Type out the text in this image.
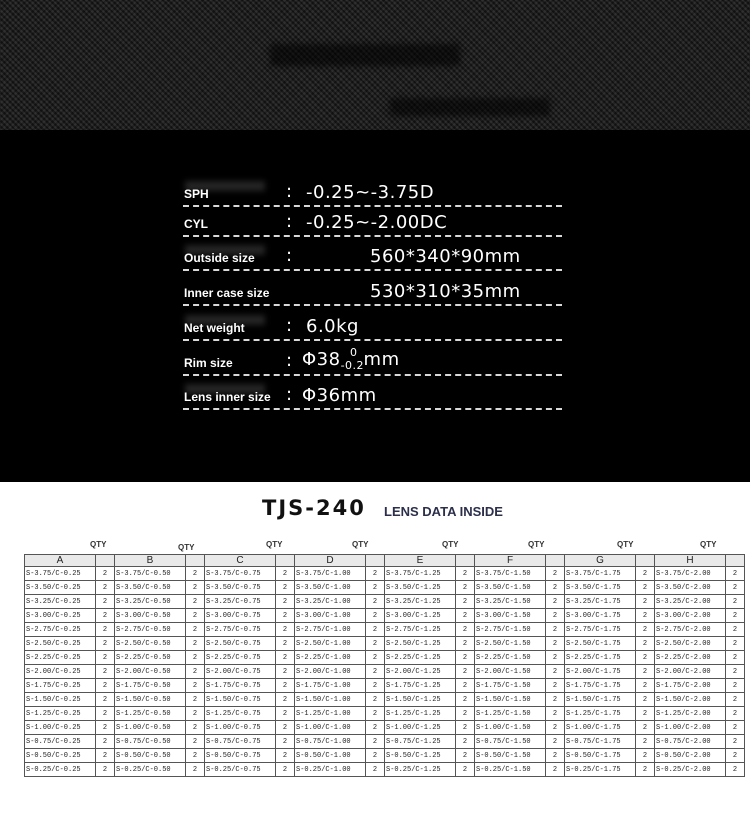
SPH	: -0.25~-3.75D
CYL	: -0.25~-2.00DC
Outside size :	560*340*90mm
Inner case size	530*310*35mm
Net weight : 6.0kg
Rim size	: $\Phi 38_{-0.2}^0$ mm
Lens inner size : Φ36mm
TJS-240 LENS DATA INSIDE
QTY	QTY	QTY	QTY	QTY	QTY	QTY	QTY
A		B		C		D		E		F		G		H	
S-3.75/C-0.25	2	S-3.75/C-0.50	2	S-3.75/C-0.75	2	S-3.75/C-1.00	2	S-3.75/C-1.25	2	S-3.75/C-1.50	2	S-3.75/C-1.75	2	S-3.75/C-2.00	2
S-3.50/C-0.25	2	S-3.50/C-0.50	2	S-3.50/C-0.75	2	S-3.50/C-1.00	2	S-3.50/C-1.25	2	S-3.50/C-1.50	2	S-3.50/C-1.75	2	S-3.50/C-2.00	2
S-3.25/C-0.25	2	S-3.25/C-0.50	2	S-3.25/C-0.75	2	S-3.25/C-1.00	2	S-3.25/C-1.25	2	S-3.25/C-1.50	2	S-3.25/C-1.75	2	S-3.25/C-2.00	2
S-3.00/C-0.25	2	S-3.00/C-0.50	2	S-3.00/C-0.75	2	S-3.00/C-1.00	2	S-3.00/C-1.25	2	S-3.00/C-1.50	2	S-3.00/C-1.75	2	S-3.00/C-2.00	2
S-2.75/C-0.25	2	S-2.75/C-0.50	2	S-2.75/C-0.75	2	S-2.75/C-1.00	2	S-2.75/C-1.25	2	S-2.75/C-1.50	2	S-2.75/C-1.75	2	S-2.75/C-2.00	2
S-2.50/C-0.25	2	S-2.50/C-0.50	2	S-2.50/C-0.75	2	S-2.50/C-1.00	2	S-2.50/C-1.25	2	S-2.50/C-1.50	2	S-2.50/C-1.75	2	S-2.50/C-2.00	2
S-2.25/C-0.25	2	S-2.25/C-0.50	2	S-2.25/C-0.75	2	S-2.25/C-1.00	2	S-2.25/C-1.25	2	S-2.25/C-1.50	2	S-2.25/C-1.75	2	S-2.25/C-2.00	2
S-2.00/C-0.25	2	S-2.00/C-0.50	2	S-2.00/C-0.75	2	S-2.00/C-1.00	2	S-2.00/C-1.25	2	S-2.00/C-1.50	2	S-2.00/C-1.75	2	S-2.00/C-2.00	2
S-1.75/C-0.25	2	S-1.75/C-0.50	2	S-1.75/C-0.75	2	S-1.75/C-1.00	2	S-1.75/C-1.25	2	S-1.75/C-1.50	2	S-1.75/C-1.75	2	S-1.75/C-2.00	2
S-1.50/C-0.25	2	S-1.50/C-0.50	2	S-1.50/C-0.75	2	S-1.50/C-1.00	2	S-1.50/C-1.25	2	S-1.50/C-1.50	2	S-1.50/C-1.75	2	S-1.50/C-2.00	2
S-1.25/C-0.25	2	S-1.25/C-0.50	2	S-1.25/C-0.75	2	S-1.25/C-1.00	2	S-1.25/C-1.25	2	S-1.25/C-1.50	2	S-1.25/C-1.75	2	S-1.25/C-2.00	2
S-1.00/C-0.25	2	S-1.00/C-0.50	2	S-1.00/C-0.75	2	S-1.00/C-1.00	2	S-1.00/C-1.25	2	S-1.00/C-1.50	2	S-1.00/C-1.75	2	S-1.00/C-2.00	2
S-0.75/C-0.25	2	S-0.75/C-0.50	2	S-0.75/C-0.75	2	S-0.75/C-1.00	2	S-0.75/C-1.25	2	S-0.75/C-1.50	2	S-0.75/C-1.75	2	S-0.75/C-2.00	2
S-0.50/C-0.25	2	S-0.50/C-0.50	2	S-0.50/C-0.75	2	S-0.50/C-1.00	2	S-0.50/C-1.25	2	S-0.50/C-1.50	2	S-0.50/C-1.75	2	S-0.50/C-2.00	2
S-0.25/C-0.25	2	S-0.25/C-0.50	2	S-0.25/C-0.75	2	S-0.25/C-1.00	2	S-0.25/C-1.25	2	S-0.25/C-1.50	2	S-0.25/C-1.75	2	S-0.25/C-2.00	2
